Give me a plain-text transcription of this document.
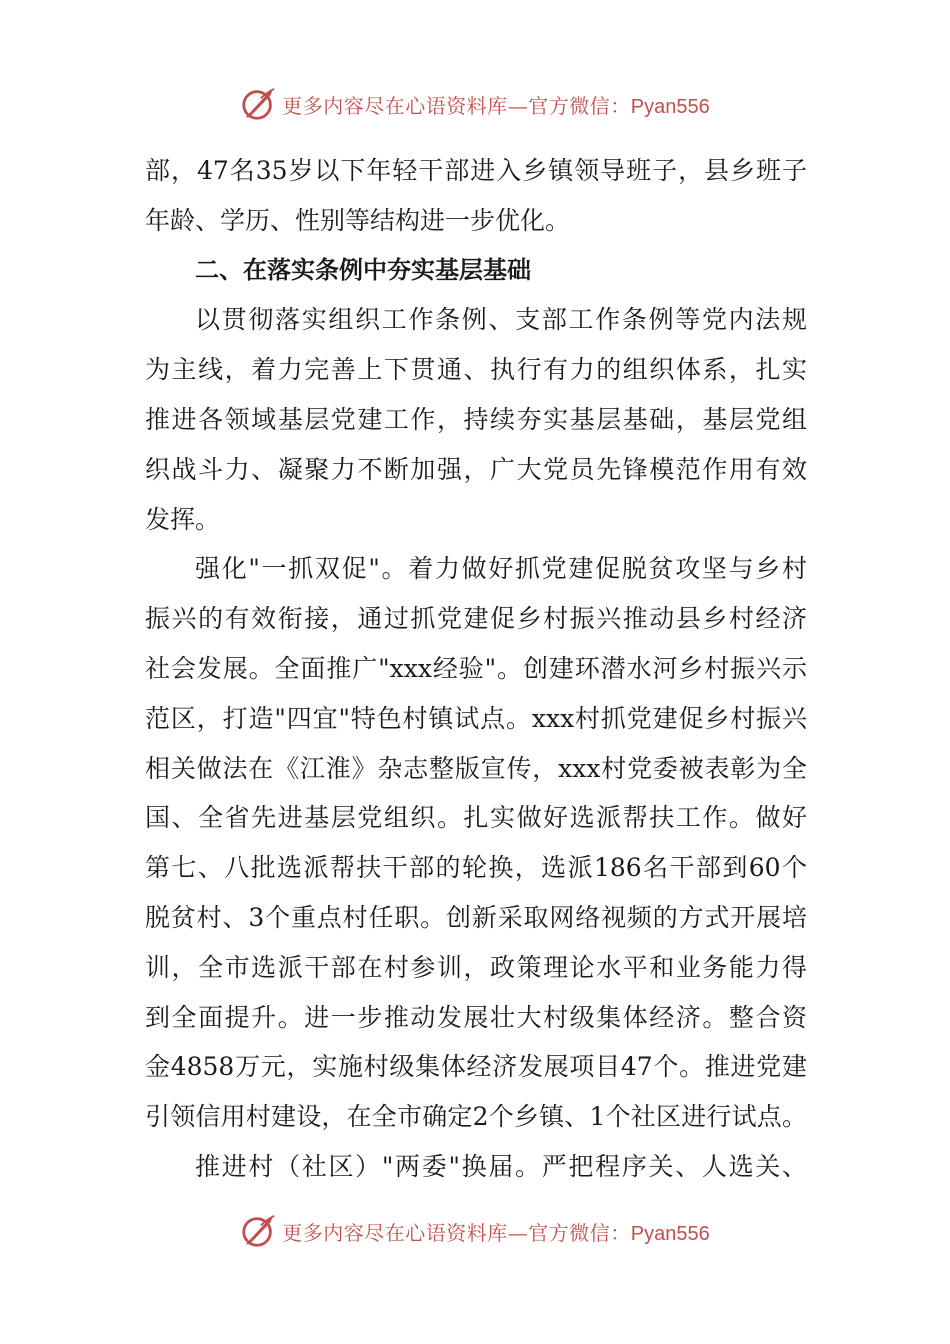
更多内容尽在心语资料库—官方微信：Pyan556
部，47名35岁以下年轻干部进入乡镇领导班子，县乡班子
年龄、学历、性别等结构进一步优化。
二、在落实条例中夯实基层基础
以贯彻落实组织工作条例、支部工作条例等党内法规
为主线，着力完善上下贯通、执行有力的组织体系，扎实
推进各领域基层党建工作，持续夯实基层基础，基层党组
织战斗力、凝聚力不断加强，广大党员先锋模范作用有效
发挥。
强化"一抓双促"。着力做好抓党建促脱贫攻坚与乡村
振兴的有效衔接，通过抓党建促乡村振兴推动县乡村经济
社会发展。全面推广"xxx经验"。创建环潜水河乡村振兴示
范区，打造"四宜"特色村镇试点。xxx村抓党建促乡村振兴
相关做法在《江淮》杂志整版宣传，xxx村党委被表彰为全
国、全省先进基层党组织。扎实做好选派帮扶工作。做好
第七、八批选派帮扶干部的轮换，选派186名干部到60个
脱贫村、3个重点村任职。创新采取网络视频的方式开展培
训，全市选派干部在村参训，政策理论水平和业务能力得
到全面提升。进一步推动发展壮大村级集体经济。整合资
金4858万元，实施村级集体经济发展项目47个。推进党建
引领信用村建设，在全市确定2个乡镇、1个社区进行试点。
推进村（社区）"两委"换届。严把程序关、人选关、
更多内容尽在心语资料库—官方微信：Pyan556
